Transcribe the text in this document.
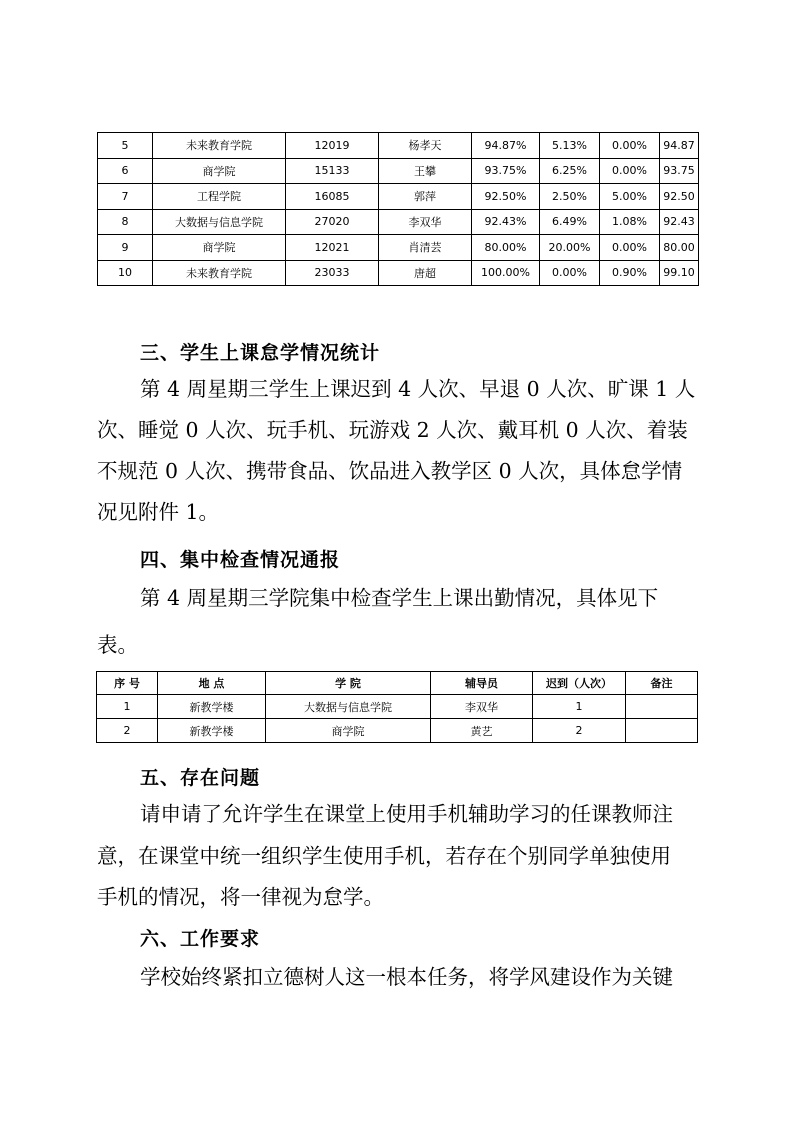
5	未来教育学院	12019	杨孝天	94.87%	5.13%	0.00%	94.87
6	商学院	15133	王攀	93.75%	6.25%	0.00%	93.75
7	工程学院	16085	郭萍	92.50%	2.50%	5.00%	92.50
8	大数据与信息学院	27020	李双华	92.43%	6.49%	1.08%	92.43
9	商学院	12021	肖清芸	80.00%	20.00%	0.00%	80.00
10	未来教育学院	23033	唐超	100.00%	0.00%	0.90%	99.10
三、学生上课怠学情况统计
第 4 周星期三学生上课迟到 4 人次、早退 0 人次、旷课 1 人
次、睡觉 0 人次、玩手机、玩游戏 2 人次、戴耳机 0 人次、着装
不规范 0 人次、携带食品、饮品进入教学区 0 人次，具体怠学情
况见附件 1。
四、集中检查情况通报
第 4 周星期三学院集中检查学生上课出勤情况，具体见下
表。
序 号	地 点	学 院	辅导员	迟到（人次）	备注
1	新教学楼	大数据与信息学院	李双华	1	
2	新教学楼	商学院	黄艺	2	
五、存在问题
请申请了允许学生在课堂上使用手机辅助学习的任课教师注
意，在课堂中统一组织学生使用手机，若存在个别同学单独使用
手机的情况，将一律视为怠学。
六、工作要求
学校始终紧扣立德树人这一根本任务，将学风建设作为关键
